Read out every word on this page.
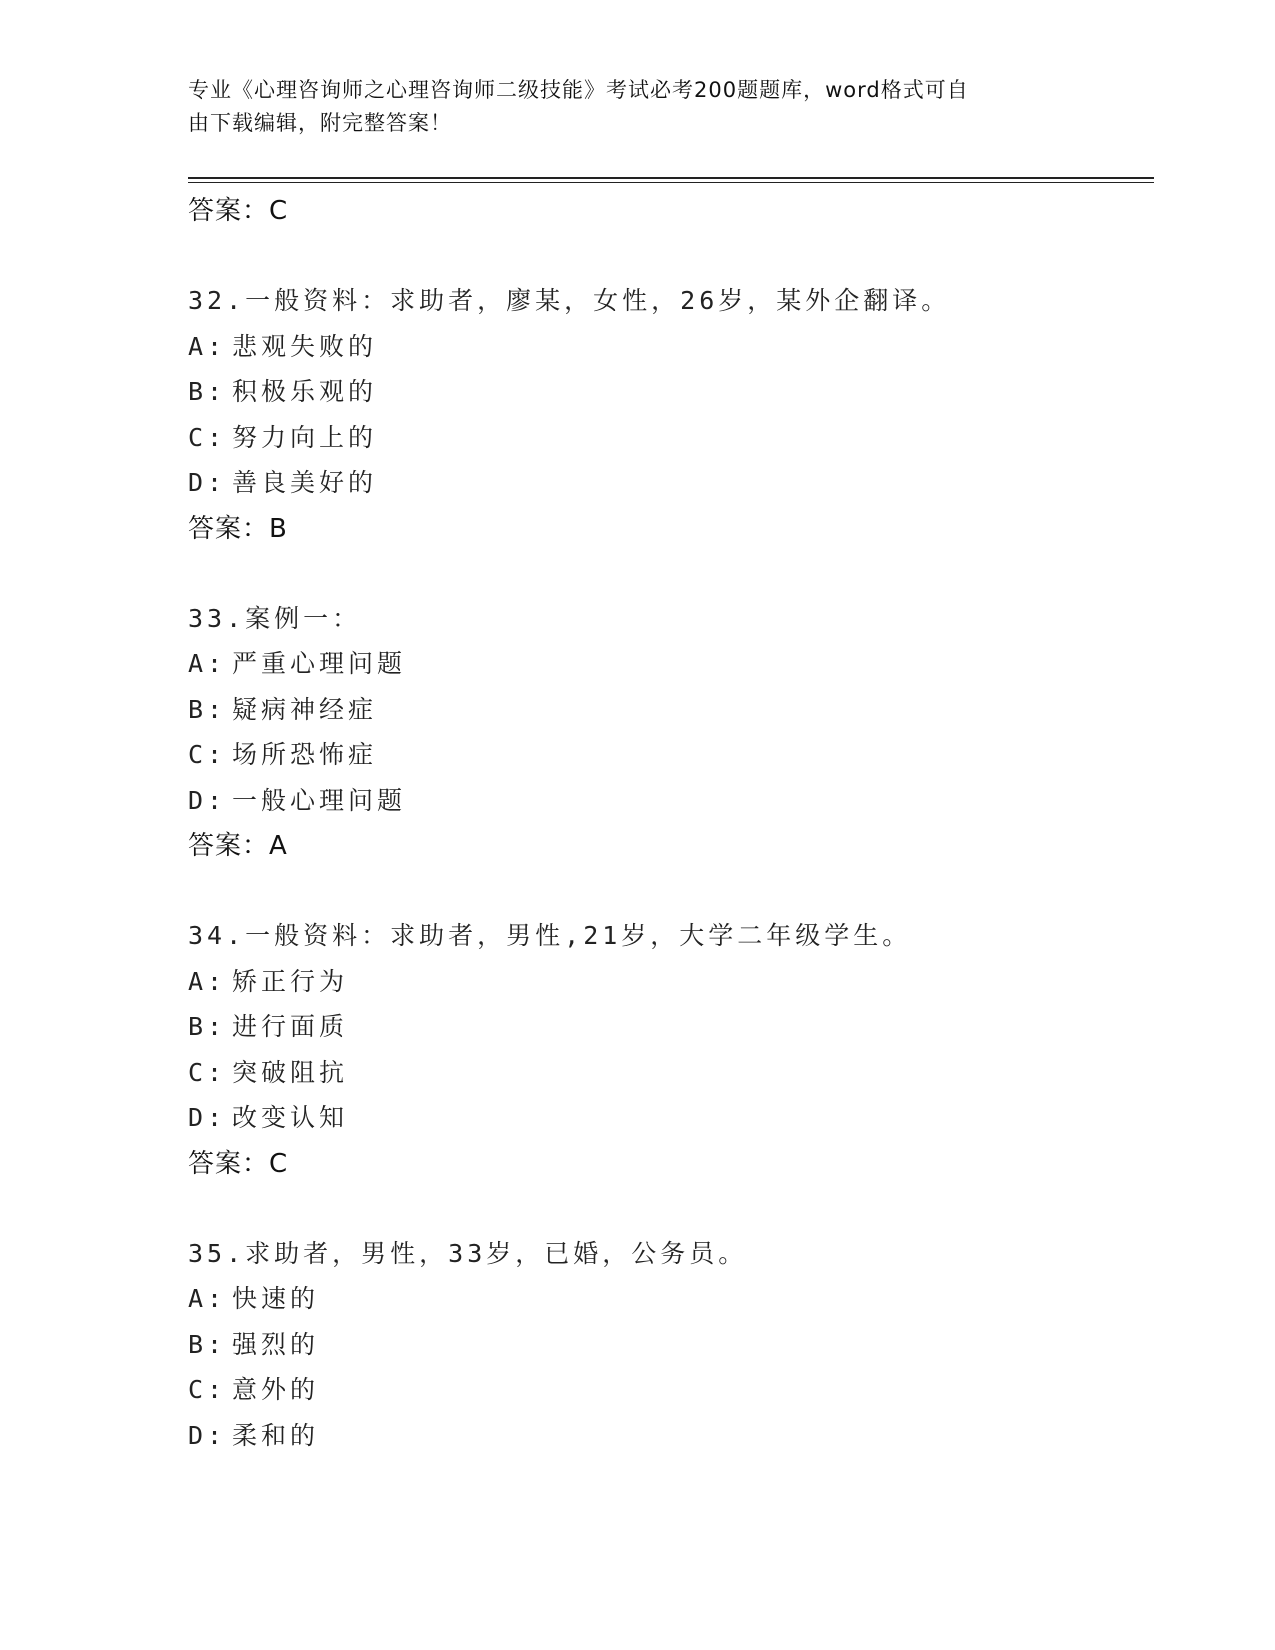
专业《心理咨询师之心理咨询师二级技能》考试必考200题题库，word格式可自
由下载编辑，附完整答案！
答案：C
32.一般资料：求助者，廖某，女性，26岁，某外企翻译。
A: 悲观失败的
B: 积极乐观的
C: 努力向上的
D: 善良美好的
答案：B
33.案例一：
A: 严重心理问题
B: 疑病神经症
C: 场所恐怖症
D: 一般心理问题
答案：A
34.一般资料：求助者，男性,21岁，大学二年级学生。
A: 矫正行为
B: 进行面质
C: 突破阻抗
D: 改变认知
答案：C
35.求助者，男性，33岁，已婚，公务员。
A: 快速的
B: 强烈的
C: 意外的
D: 柔和的
